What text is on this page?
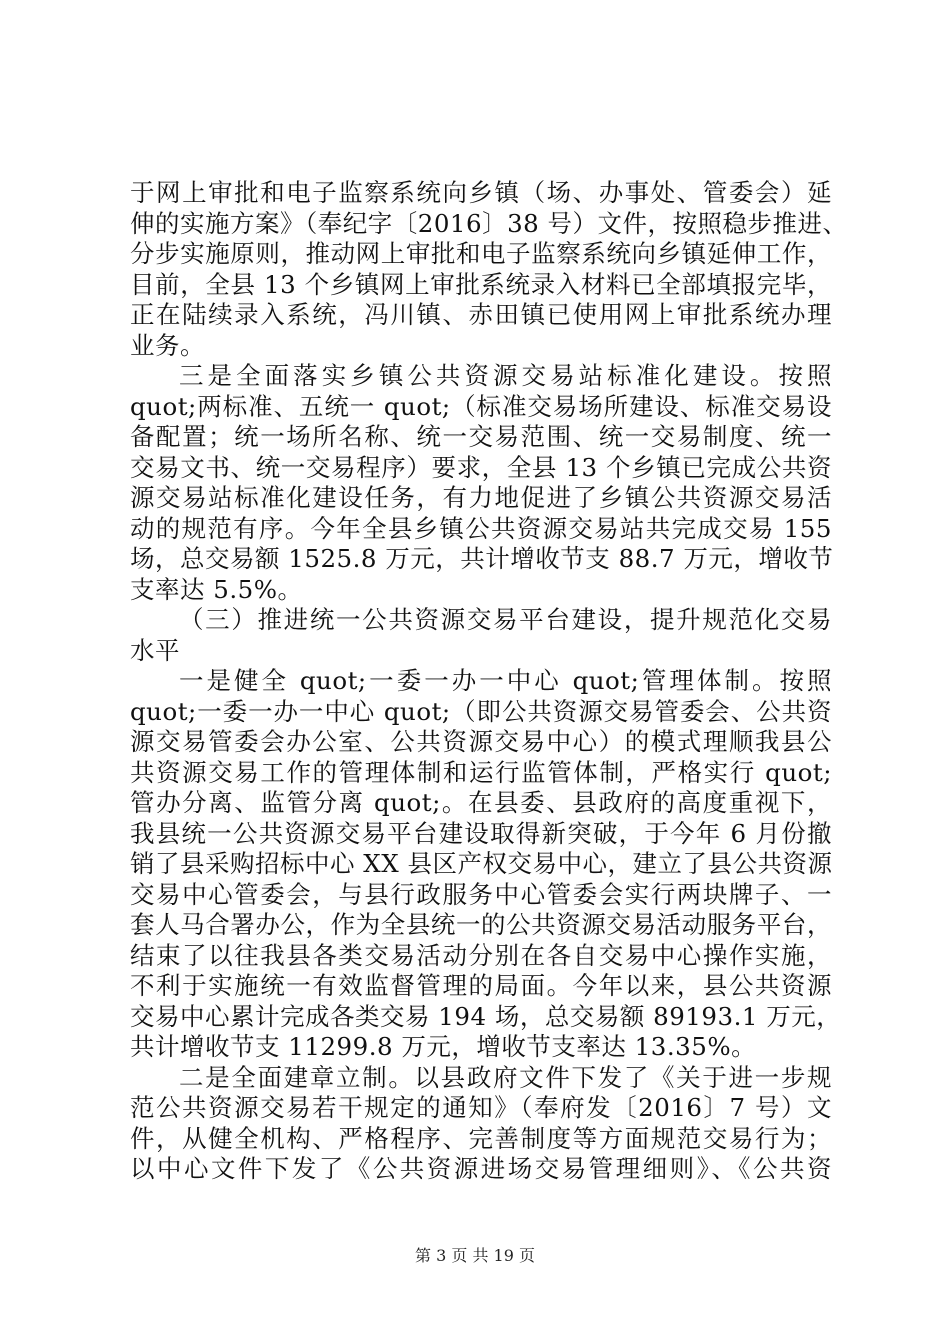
于网上审批和电子监察系统向乡镇（场、办事处、管委会）延
伸的实施方案》（奉纪字〔2016〕38 号）文件，按照稳步推进、
分步实施原则，推动网上审批和电子监察系统向乡镇延伸工作，
目前，全县 13 个乡镇网上审批系统录入材料已全部填报完毕，
正在陆续录入系统，冯川镇、赤田镇已使用网上审批系统办理
业务。
三是全面落实乡镇公共资源交易站标准化建设。按照
quot;两标准、五统一 quot;（标准交易场所建设、标准交易设
备配置；统一场所名称、统一交易范围、统一交易制度、统一
交易文书、统一交易程序）要求，全县 13 个乡镇已完成公共资
源交易站标准化建设任务，有力地促进了乡镇公共资源交易活
动的规范有序。今年全县乡镇公共资源交易站共完成交易 155
场，总交易额 1525.8 万元，共计增收节支 88.7 万元，增收节
支率达 5.5%。
（三）推进统一公共资源交易平台建设，提升规范化交易
水平
一是健全 quot;一委一办一中心 quot;管理体制。按照
quot;一委一办一中心 quot;（即公共资源交易管委会、公共资
源交易管委会办公室、公共资源交易中心）的模式理顺我县公
共资源交易工作的管理体制和运行监管体制，严格实行 quot;
管办分离、监管分离 quot;。在县委、县政府的高度重视下，
我县统一公共资源交易平台建设取得新突破，于今年 6 月份撤
销了县采购招标中心 XX 县区产权交易中心，建立了县公共资源
交易中心管委会，与县行政服务中心管委会实行两块牌子、一
套人马合署办公，作为全县统一的公共资源交易活动服务平台，
结束了以往我县各类交易活动分别在各自交易中心操作实施，
不利于实施统一有效监督管理的局面。今年以来，县公共资源
交易中心累计完成各类交易 194 场，总交易额 89193.1 万元，
共计增收节支 11299.8 万元，增收节支率达 13.35%。
二是全面建章立制。以县政府文件下发了《关于进一步规
范公共资源交易若干规定的通知》（奉府发〔2016〕7 号）文
件，从健全机构、严格程序、完善制度等方面规范交易行为；
以中心文件下发了《公共资源进场交易管理细则》、《公共资
第 3 页 共 19 页
